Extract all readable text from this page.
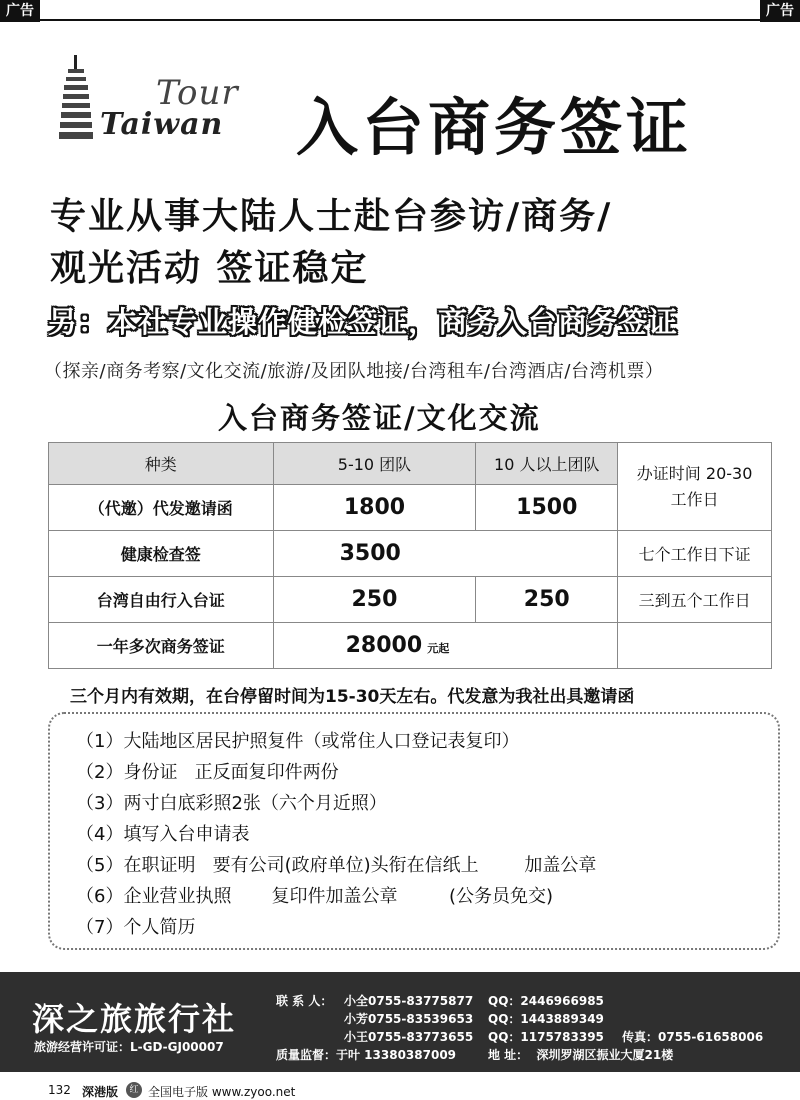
广告	广告
Tour
Taiwan 入台商务签证
专业从事大陆人士赴台参访/商务/
观光活动 签证稳定
另：本社专业操作健检签证，商务入台商务签证
（探亲/商务考察/文化交流/旅游/及团队地接/台湾租车/台湾酒店/台湾机票）
入台商务签证/文化交流
种类	5-10 团队	10 人以上团队	办证时间 20-30 工作日
（代邀）代发邀请函	1800	1500	
健康检查签	3500		七个工作日下证
台湾自由行入台证	250	250	三到五个工作日
一年多次商务签证	28000 元起		
三个月内有效期，在台停留时间为15-30天左右。代发意为我社出具邀请函
（1）大陆地区居民护照复件（或常住人口登记表复印）
（2）身份证   正反面复印件两份
（3）两寸白底彩照2张（六个月近照）
（4）填写入台申请表
（5）在职证明   要有公司(政府单位)头衔在信纸上        加盖公章
（6）企业营业执照       复印件加盖公章         (公务员免交)
（7）个人简历
深之旅旅行社
旅游经营许可证：L-GD-GJ00007
联 系 人： 小全0755-83775877 QQ：2446966985
小芳0755-83539653 QQ：1443889349
小王0755-83773655 QQ：1175783395 传真：0755-61658006
质量监督：于叶 13380387009	地 址：  深圳罗湖区振业大厦21楼
132 深港版	红 全国电子版 www.zyoo.net
